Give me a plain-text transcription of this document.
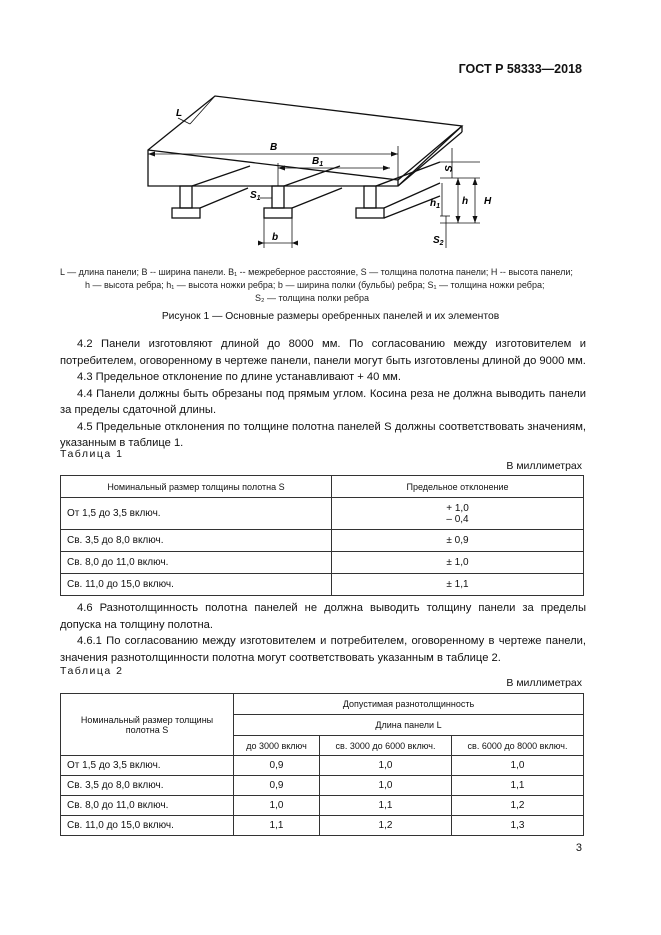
ГОСТ Р 58333—2018
L
B
$B_1$
$S_1$
b
S
H
h
$h_1$
$S_2$
L — длина панели; B -- ширина панели. B₁ -- межреберное расстояние, S — толщина полотна панели; H -- высота панели;
h — высота ребра; h₁ — высота ножки ребра; b — ширина полки (бульбы) ребра; S₁ — толщина ножки ребра;
S₂ — толщина полки ребра
Рисунок 1 — Основные размеры оребренных панелей и их элементов

4.2 Панели изготовляют длиной до 8000 мм. По согласованию между изготовителем и потребителем, оговоренному в чертеже панели, панели могут быть изготовлены длиной до 9000 мм.

4.3 Предельное отклонение по длине устанавливают + 40 мм.

4.4 Панели должны быть обрезаны под прямым углом. Косина реза не должна выводить панели за пределы сдаточной длины.

4.5 Предельные отклонения по толщине полотна панелей S должны соответствовать значениям, указанным в таблице 1.

Таблица 1
В миллиметрах
Номинальный размер толщины полотна S	Предельное отклонение
От 1,5 до 3,5 включ.	+ 1,0
– 0,4

Св. 3,5 до 8,0 включ.	± 0,9
Св. 8,0 до 11,0 включ.	± 1,0
Св. 11,0 до 15,0 включ.	± 1,1

4.6 Разнотолщинность полотна панелей не должна выводить толщину панели за пределы допуска на толщину полотна.

4.6.1 По согласованию между изготовителем и потребителем, оговоренному в чертеже панели, значения разнотолщинности полотна могут соответствовать указанным в таблице 2.

Таблица 2
В миллиметрах
Номинальный размер толщины полотна S	Допустимая разнотолщинность		
	Длина панели L		
	до 3000 включ	св. 3000 до 6000 включ.	св. 6000 до 8000 включ.
От 1,5 до 3,5 включ.	0,9	1,0	1,0
Св. 3,5 до 8,0 включ.	0,9	1,0	1,1
Св. 8,0 до 11,0 включ.	1,0	1,1	1,2
Св. 11,0 до 15,0 включ.	1,1	1,2	1,3
3
